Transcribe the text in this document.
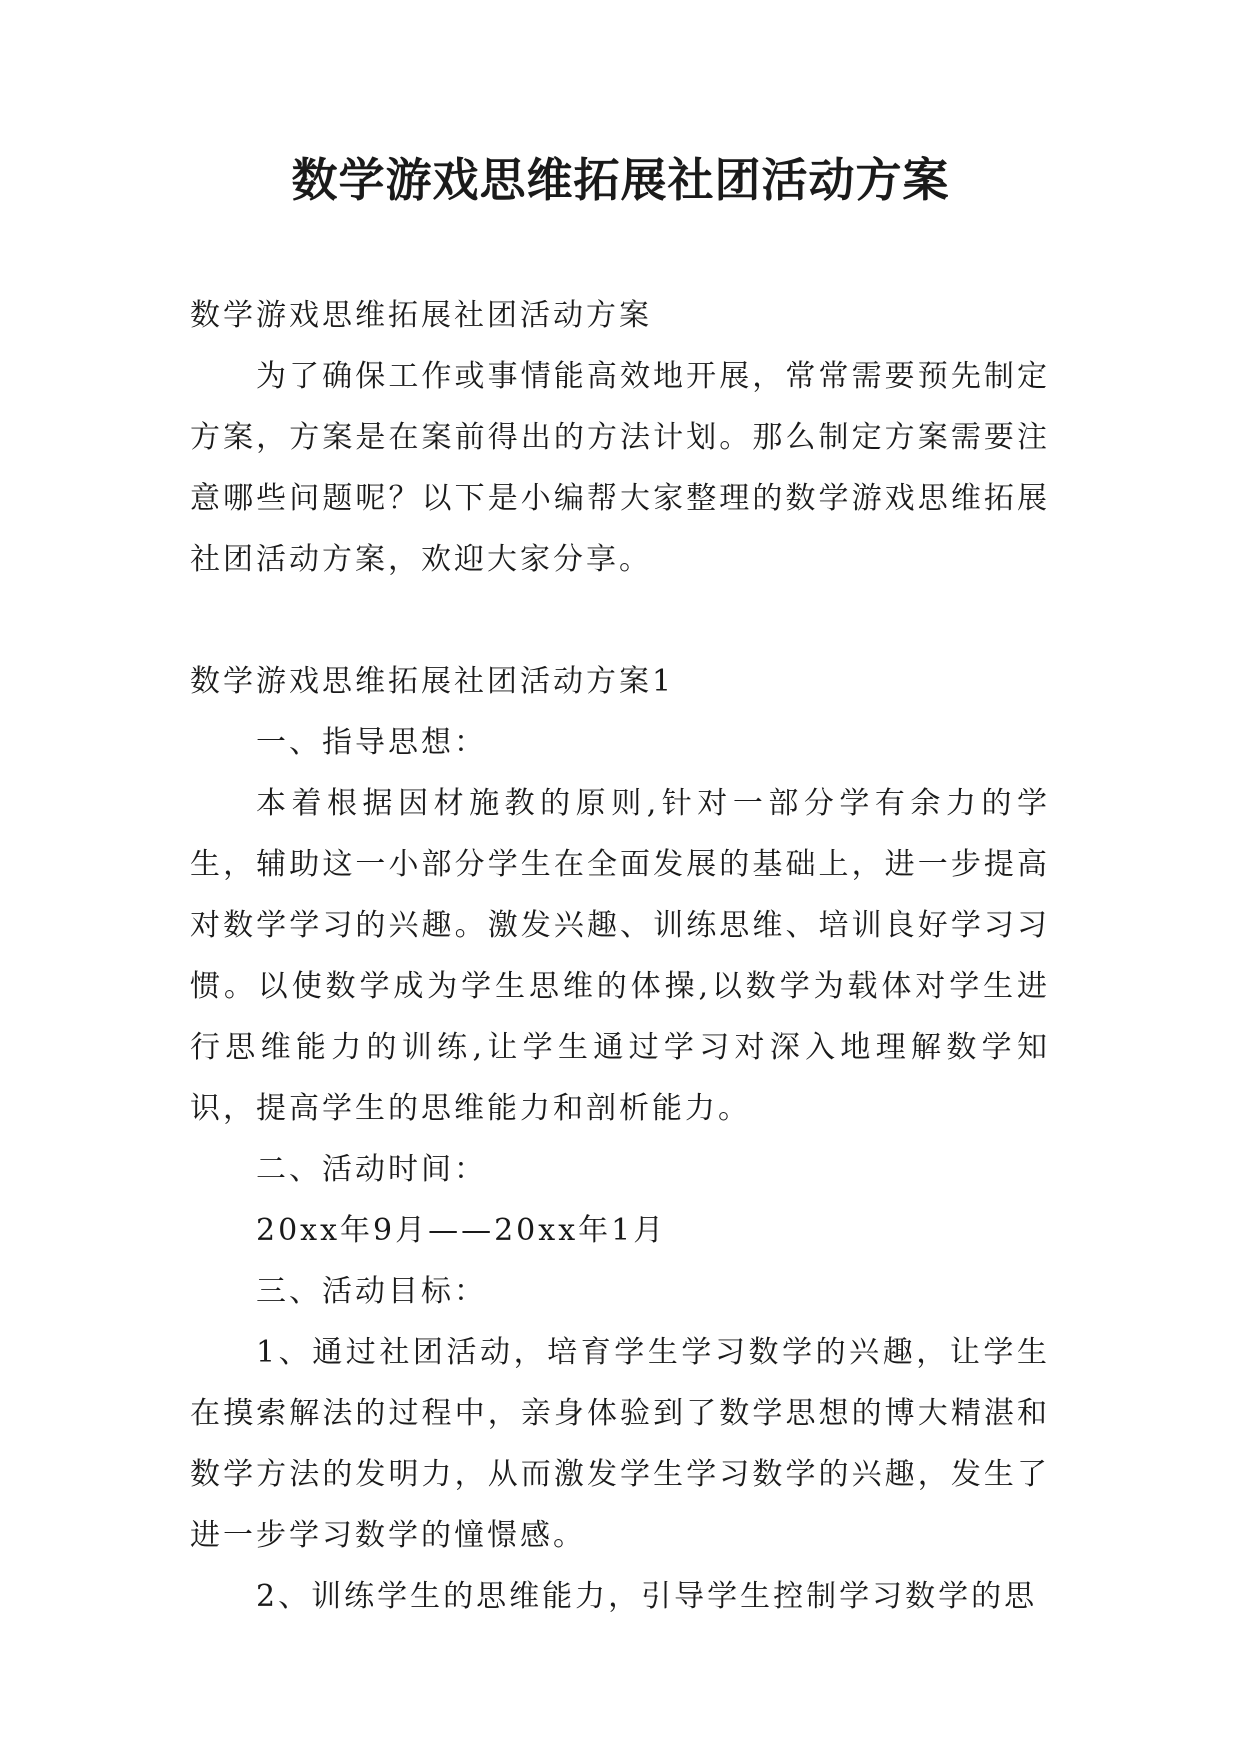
数学游戏思维拓展社团活动方案

数学游戏思维拓展社团活动方案

为了确保工作或事情能高效地开展，常常需要预先制定方案，方案是在案前得出的方法计划。那么制定方案需要注意哪些问题呢？以下是小编帮大家整理的数学游戏思维拓展社团活动方案，欢迎大家分享。

数学游戏思维拓展社团活动方案1

一、指导思想：

本着根据因材施教的原则,针对一部分学有余力的学生，辅助这一小部分学生在全面发展的基础上，进一步提高对数学学习的兴趣。激发兴趣、训练思维、培训良好学习习惯。以使数学成为学生思维的体操,以数学为载体对学生进行思维能力的训练,让学生通过学习对深入地理解数学知识，提高学生的思维能力和剖析能力。

二、活动时间：

20xx年9月——20xx年1月

三、活动目标：

1、通过社团活动，培育学生学习数学的兴趣，让学生在摸索解法的过程中，亲身体验到了数学思想的博大精湛和数学方法的发明力，从而激发学生学习数学的兴趣，发生了进一步学习数学的憧憬感。

2、训练学生的思维能力，引导学生控制学习数学的思
